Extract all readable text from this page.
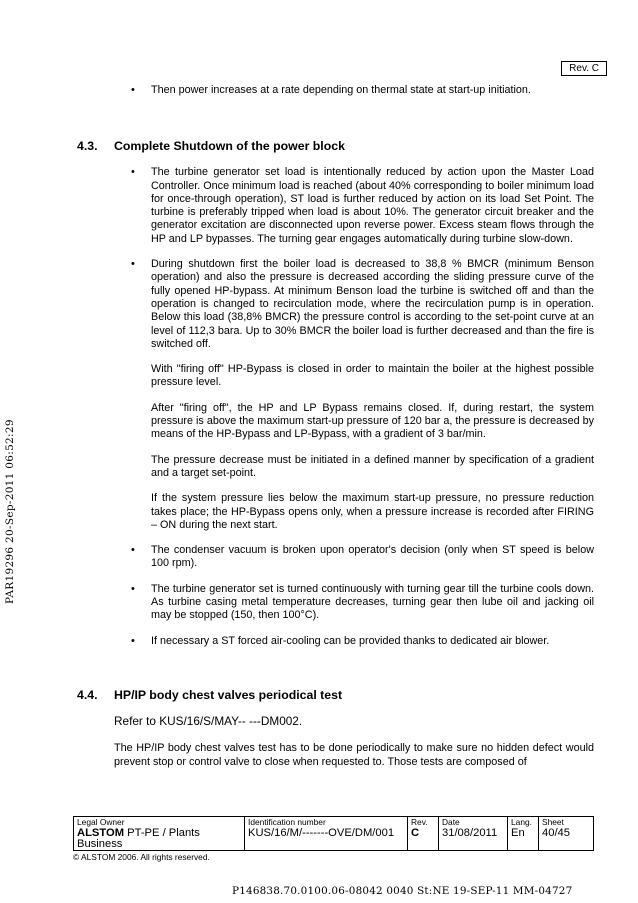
Rev. C
PAR19296 20-Sep-2011 06:52:29
• Then power increases at a rate depending on thermal state at start-up initiation.
4.3.	Complete Shutdown of the power block
• The turbine generator set load is intentionally reduced by action upon the Master Load Controller. Once minimum load is reached (about 40% corresponding to boiler minimum load for once-through operation), ST load is further reduced by action on its load Set Point. The turbine is preferably tripped when load is about 10%. The generator circuit breaker and the generator excitation are disconnected upon reverse power. Excess steam flows through the HP and LP bypasses. The turning gear engages automatically during turbine slow-down.
• During shutdown first the boiler load is decreased to 38,8 % BMCR (minimum Benson operation) and also the pressure is decreased according the sliding pressure curve of the fully opened HP-bypass. At minimum Benson load the turbine is switched off and than the operation is changed to recirculation mode, where the recirculation pump is in operation. Below this load (38,8% BMCR) the pressure control is according to the set-point curve at an level of 112,3 bara. Up to 30% BMCR the boiler load is further decreased and than the fire is switched off.
With "firing off" HP-Bypass is closed in order to maintain the boiler at the highest possible pressure level.
After "firing off", the HP and LP Bypass remains closed. If, during restart, the system pressure is above the maximum start-up pressure of 120 bar a, the pressure is decreased by means of the HP-Bypass and LP-Bypass, with a gradient of 3 bar/min.
The pressure decrease must be initiated in a defined manner by specification of a gradient and a target set-point.
If the system pressure lies below the maximum start-up pressure, no pressure reduction takes place; the HP-Bypass opens only, when a pressure increase is recorded after FIRING – ON during the next start.
• The condenser vacuum is broken upon operator's decision (only when ST speed is below 100 rpm).
• The turbine generator set is turned continuously with turning gear till the turbine cools down. As turbine casing metal temperature decreases, turning gear then lube oil and jacking oil may be stopped (150, then 100°C).
• If necessary a ST forced air-cooling can be provided thanks to dedicated air blower.
4.4.	HP/IP body chest valves periodical test
Refer to KUS/16/S/MAY-- ---DM002.
The HP/IP body chest valves test has to be done periodically to make sure no hidden defect would prevent stop or control valve to close when requested to. Those tests are composed of
Legal Owner
ALSTOM PT-PE / Plants Business

Identification number
KUS/16/M/-------OVE/DM/001

Rev.
C

Date
31/08/2011

Lang.
En

Sheet
40/45
© ALSTOM 2006. All rights reserved.
P146838.70.0100.06-08042 0040 St:NE 19-SEP-11 MM-04727
